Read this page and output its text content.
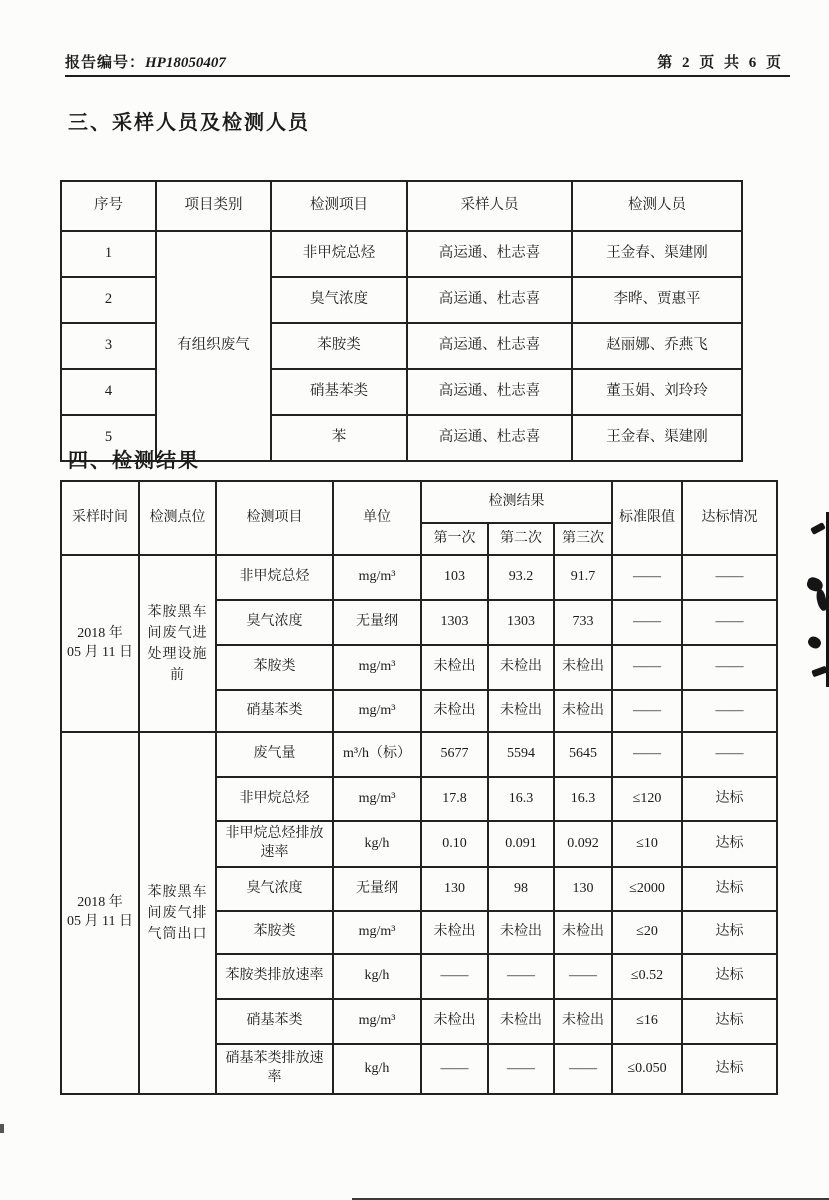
报告编号：HP18050407	第 2 页 共 6 页
三、采样人员及检测人员
序号	项目类别	检测项目	采样人员	检测人员
1	有组织废气	非甲烷总烃	高运通、杜志喜	王金春、渠建刚
2		臭气浓度	高运通、杜志喜	李晔、贾惠平
3		苯胺类	高运通、杜志喜	赵丽娜、乔燕飞
4		硝基苯类	高运通、杜志喜	董玉娟、刘玲玲
5		苯	高运通、杜志喜	王金春、渠建刚
四、检测结果
采样时间	检测点位	检测项目	单位	检测结果			标准限值	达标情况
				第一次	第二次	第三次		

2018 年
05 月 11 日	苯胺黑车间废气进处理设施前	非甲烷总烃	mg/m³	103	93.2	91.7	——	——
		臭气浓度	无量纲	1303	1303	733	——	——
		苯胺类	mg/m³	未检出	未检出	未检出	——	——
		硝基苯类	mg/m³	未检出	未检出	未检出	——	——

2018 年
05 月 11 日	苯胺黑车间废气排气筒出口	废气量	m³/h（标）	5677	5594	5645	——	——
		非甲烷总烃	mg/m³	17.8	16.3	16.3	≤120	达标
		非甲烷总烃排放速率	kg/h	0.10	0.091	0.092	≤10	达标
		臭气浓度	无量纲	130	98	130	≤2000	达标
		苯胺类	mg/m³	未检出	未检出	未检出	≤20	达标
		苯胺类排放速率	kg/h	——	——	——	≤0.52	达标
		硝基苯类	mg/m³	未检出	未检出	未检出	≤16	达标
		硝基苯类排放速率	kg/h	——	——	——	≤0.050	达标
